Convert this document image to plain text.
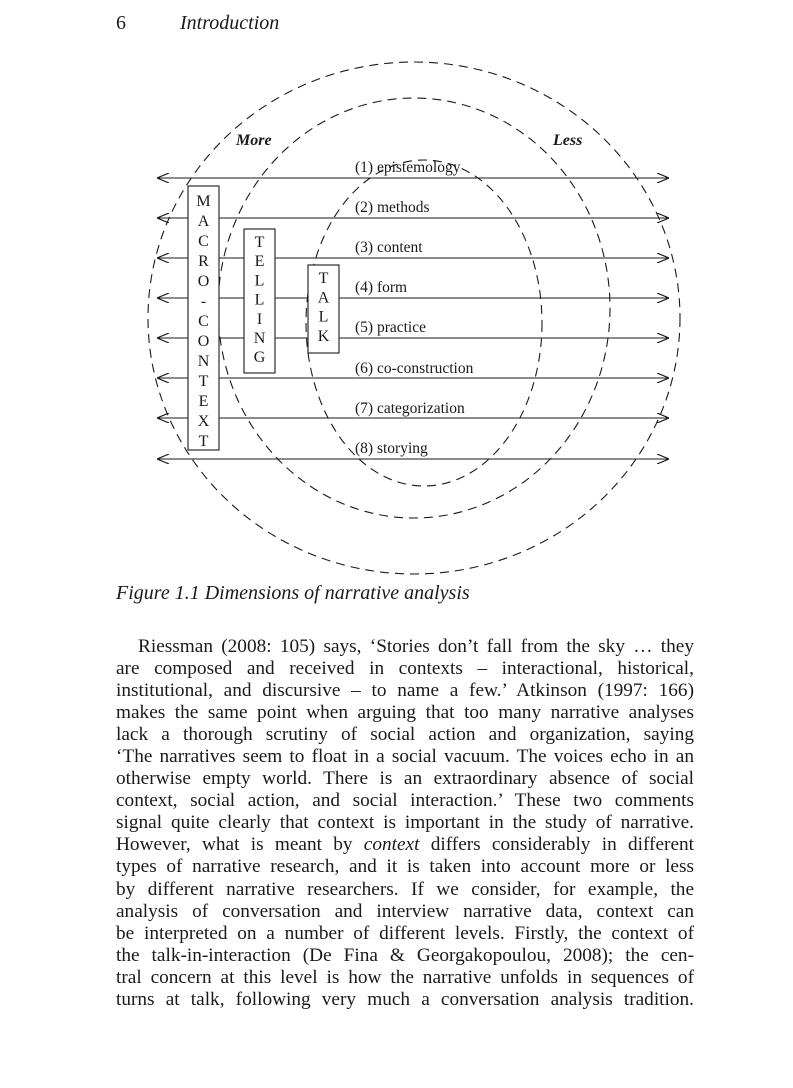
6	Introduction
More	Less
(1) epistemology
(2) methods
(3) content
(4) form
(5) practice
(6) co-construction
(7) categorization
(8) storying
M
A
C
R
O
-
C
O
N
T
E
X
T
T
E
L
L
I
N
G
T
A
L
K
Figure 1.1 Dimensions of narrative analysis
Riessman (2008: 105) says, ‘Stories don’t fall from the sky … they
are composed and received in contexts – interactional, historical,
institutional, and discursive – to name a few.’ Atkinson (1997: 166)
makes the same point when arguing that too many narrative analyses
lack a thorough scrutiny of social action and organization, saying
‘The narratives seem to float in a social vacuum. The voices echo in an
otherwise empty world. There is an extraordinary absence of social
context, social action, and social interaction.’ These two comments
signal quite clearly that context is important in the study of narrative.
However, what is meant by context differs considerably in different
types of narrative research, and it is taken into account more or less
by different narrative researchers. If we consider, for example, the
analysis of conversation and interview narrative data, context can
be interpreted on a number of different levels. Firstly, the context of
the talk-in-interaction (De Fina & Georgakopoulou, 2008); the cen-
tral concern at this level is how the narrative unfolds in sequences of
turns at talk, following very much a conversation analysis tradition.
